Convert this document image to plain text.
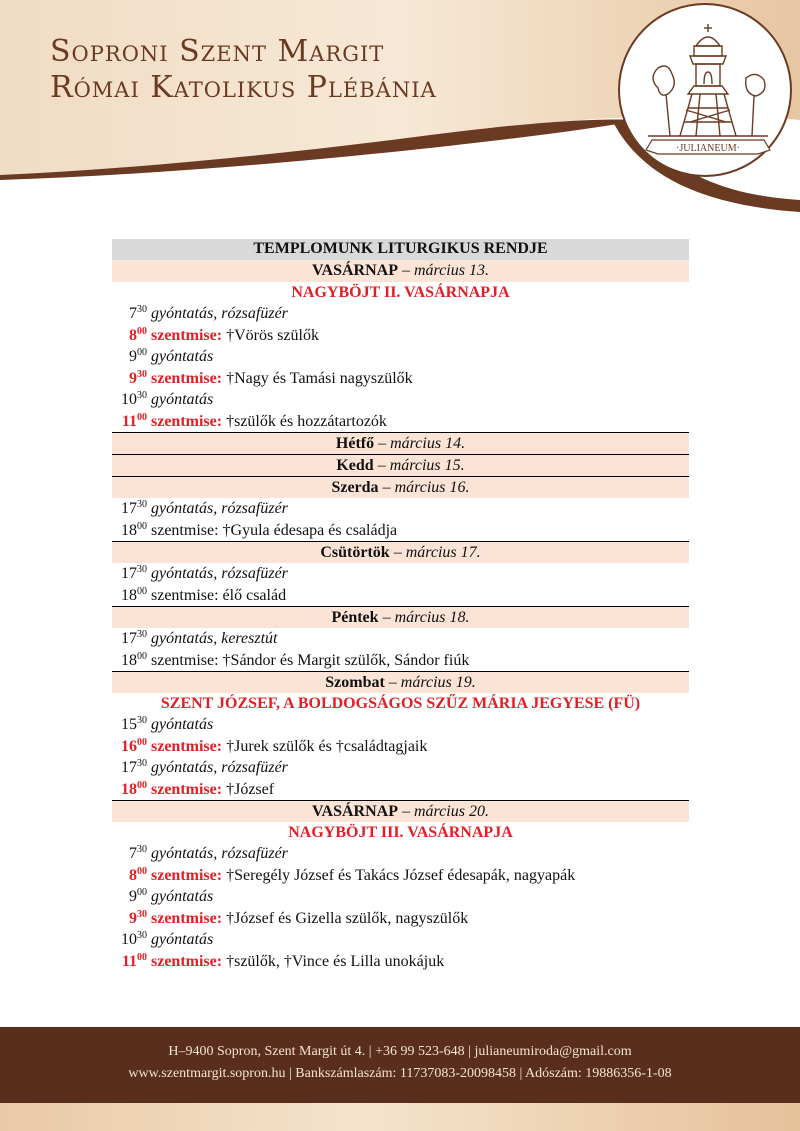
Soproni Szent Margit
Római Katolikus Plébánia
·JULIANEUM·
TEMPLOMUNK LITURGIKUS RENDJE
VASÁRNAP – március 13.
NAGYBÖJT II. VASÁRNAPJA
$7^{30}$ gyóntatás, rózsafüzér
$8^{00}$ szentmise: †Vörös szülők
$9^{00}$ gyóntatás
$9^{30}$ szentmise: †Nagy és Tamási nagyszülők
$10^{30}$ gyóntatás
$11^{00}$ szentmise: †szülők és hozzátartozók
Hétfő – március 14.
Kedd – március 15.
Szerda – március 16.
$17^{30}$ gyóntatás, rózsafüzér
$18^{00}$ szentmise: †Gyula édesapa és családja
Csütörtök – március 17.
$17^{30}$ gyóntatás, rózsafüzér
$18^{00}$ szentmise: élő család
Péntek – március 18.
$17^{30}$ gyóntatás, keresztút
$18^{00}$ szentmise: †Sándor és Margit szülők, Sándor fiúk
Szombat – március 19.
SZENT JÓZSEF, A BOLDOGSÁGOS SZŰZ MÁRIA JEGYESE (FÜ)
$15^{30}$ gyóntatás
$16^{00}$ szentmise: †Jurek szülők és †családtagjaik
$17^{30}$ gyóntatás, rózsafüzér
$18^{00}$ szentmise: †József
VASÁRNAP – március 20.
NAGYBÖJT III. VASÁRNAPJA
$7^{30}$ gyóntatás, rózsafüzér
$8^{00}$ szentmise: †Seregély József és Takács József édesapák, nagyapák
$9^{00}$ gyóntatás
$9^{30}$ szentmise: †József és Gizella szülők, nagyszülők
$10^{30}$ gyóntatás
$11^{00}$ szentmise: †szülők, †Vince és Lilla unokájuk
H–9400 Sopron, Szent Margit út 4. | +36 99 523-648 | julianeumiroda@gmail.com
www.szentmargit.sopron.hu | Bankszámlaszám: 11737083-20098458 | Adószám: 19886356-1-08
